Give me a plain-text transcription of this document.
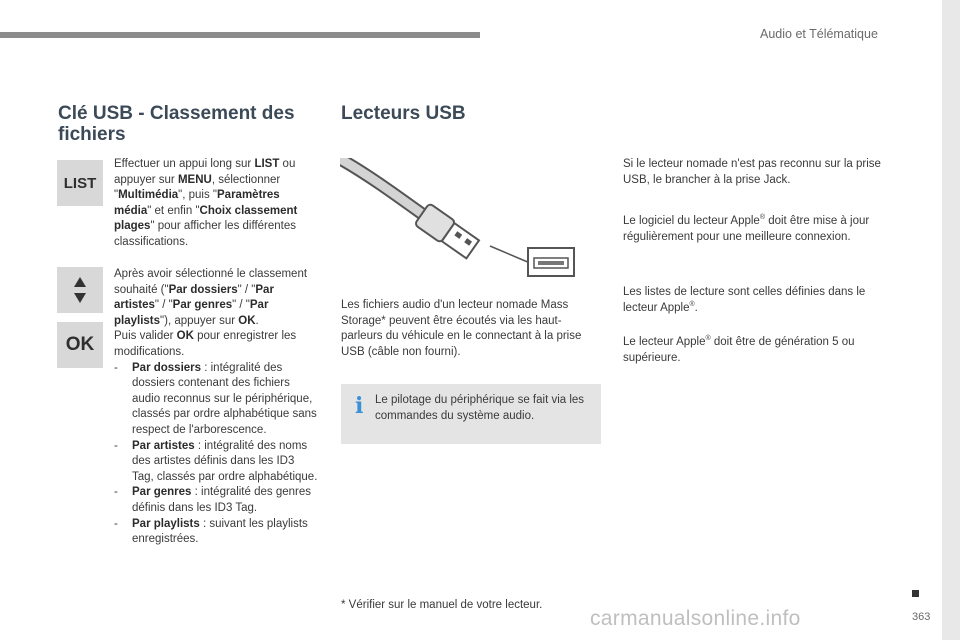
Audio et Télématique
Clé USB - Classement des fichiers
LIST
OK
Effectuer un appui long sur LIST ou appuyer sur MENU, sélectionner "Multimédia", puis "Paramètres média" et enfin "Choix classement plages" pour afficher les différentes classifications.
Après avoir sélectionné le classement souhaité ("Par dossiers" / "Par artistes" / "Par genres" / "Par playlists"), appuyer sur OK.
Puis valider OK pour enregistrer les modifications.
-	Par dossiers : intégralité des dossiers contenant des fichiers audio reconnus sur le périphérique, classés par ordre alphabétique sans respect de l'arborescence.
-	Par artistes : intégralité des noms des artistes définis dans les ID3 Tag, classés par ordre alphabétique.
-	Par genres : intégralité des genres définis dans les ID3 Tag.
-	Par playlists : suivant les playlists enregistrées.
Lecteurs USB
Les fichiers audio d'un lecteur nomade Mass Storage* peuvent être écoutés via les haut-parleurs du véhicule en le connectant à la prise USB (câble non fourni).
i Le pilotage du périphérique se fait via les commandes du système audio.
* Vérifier sur le manuel de votre lecteur.
Si le lecteur nomade n'est pas reconnu sur la prise USB, le brancher à la prise Jack.
Le logiciel du lecteur Apple® doit être mise à jour régulièrement pour une meilleure connexion.
Les listes de lecture sont celles définies dans le lecteur Apple®.
Le lecteur Apple® doit être de génération 5 ou supérieure.
carmanualsonline.info	363
